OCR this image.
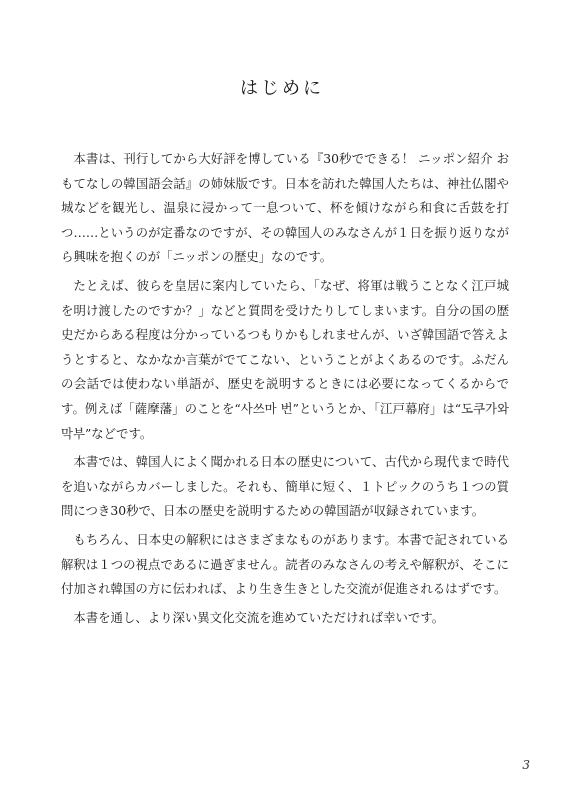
はじめに

本書は、刊行してから大好評を博している『30秒でできる！ ニッポン紹介 おもてなしの韓国語会話』の姉妹版です。日本を訪れた韓国人たちは、神社仏閣や城などを観光し、温泉に浸かって一息ついて、杯を傾けながら和食に舌鼓を打つ……というのが定番なのですが、その韓国人のみなさんが１日を振り返りながら興味を抱くのが「ニッポンの歴史」なのです。

たとえば、彼らを皇居に案内していたら、「なぜ、将軍は戦うことなく江戸城を明け渡したのですか？」などと質問を受けたりしてしまいます。自分の国の歴史だからある程度は分かっているつもりかもしれませんが、いざ韓国語で答えようとすると、なかなか言葉がでてこない、ということがよくあるのです。ふだんの会話では使わない単語が、歴史を説明するときには必要になってくるからです。例えば「薩摩藩」のことを“사쓰마 번”というとか、「江戸幕府」は“도쿠가와 막부”などです。

本書では、韓国人によく聞かれる日本の歴史について、古代から現代まで時代を追いながらカバーしました。それも、簡単に短く、１トピックのうち１つの質問につき30秒で、日本の歴史を説明するための韓国語が収録されています。

もちろん、日本史の解釈にはさまざまなものがあります。本書で記されている解釈は１つの視点であるに過ぎません。読者のみなさんの考えや解釈が、そこに付加され韓国の方に伝われば、より生き生きとした交流が促進されるはずです。

本書を通し、より深い異文化交流を進めていただければ幸いです。

3
